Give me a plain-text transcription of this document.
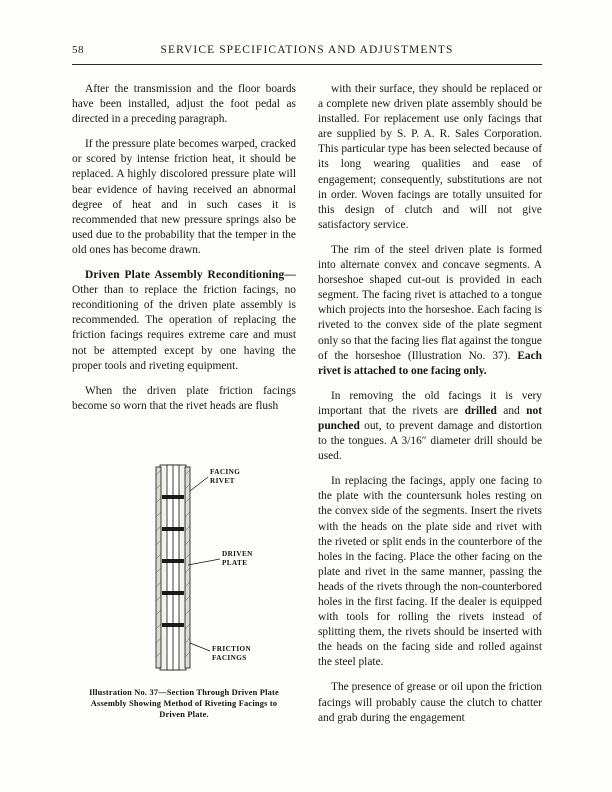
58	SERVICE SPECIFICATIONS AND ADJUSTMENTS

After the transmission and the floor boards have been installed, adjust the foot pedal as directed in a preceding paragraph.

If the pressure plate becomes warped, cracked or scored by intense friction heat, it should be replaced. A highly discolored pressure plate will bear evidence of having received an abnormal degree of heat and in such cases it is recommended that new pressure springs also be used due to the probability that the temper in the old ones has become drawn.

Driven Plate Assembly Reconditioning—Other than to replace the friction facings, no reconditioning of the driven plate assembly is recommended. The operation of replacing the friction facings requires extreme care and must not be attempted except by one having the proper tools and riveting equipment.

When the driven plate friction facings become so worn that the rivet heads are flush

FACING
RIVET
DRIVEN
PLATE
FRICTION
FACINGS
Illustration No. 37—Section Through Driven Plate Assembly Showing Method of Riveting Facings to Driven Plate.

with their surface, they should be replaced or a complete new driven plate assembly should be installed. For replacement use only facings that are supplied by S. P. A. R. Sales Corporation. This particular type has been selected because of its long wearing qualities and ease of engagement; consequently, substitutions are not in order. Woven facings are totally unsuited for this design of clutch and will not give satisfactory service.

The rim of the steel driven plate is formed into alternate convex and concave segments. A horseshoe shaped cut-out is provided in each segment. The facing rivet is attached to a tongue which projects into the horseshoe. Each facing is riveted to the convex side of the plate segment only so that the facing lies flat against the tongue of the horseshoe (Illustration No. 37). Each rivet is attached to one facing only.

In removing the old facings it is very important that the rivets are drilled and not punched out, to prevent damage and distortion to the tongues. A 3/16″ diameter drill should be used.

In replacing the facings, apply one facing to the plate with the countersunk holes resting on the convex side of the segments. Insert the rivets with the heads on the plate side and rivet with the riveted or split ends in the counterbore of the holes in the facing. Place the other facing on the plate and rivet in the same manner, passing the heads of the rivets through the non-counterbored holes in the first facing. If the dealer is equipped with tools for rolling the rivets instead of splitting them, the rivets should be inserted with the heads on the facing side and rolled against the steel plate.

The presence of grease or oil upon the friction facings will probably cause the clutch to chatter and grab during the engagement
